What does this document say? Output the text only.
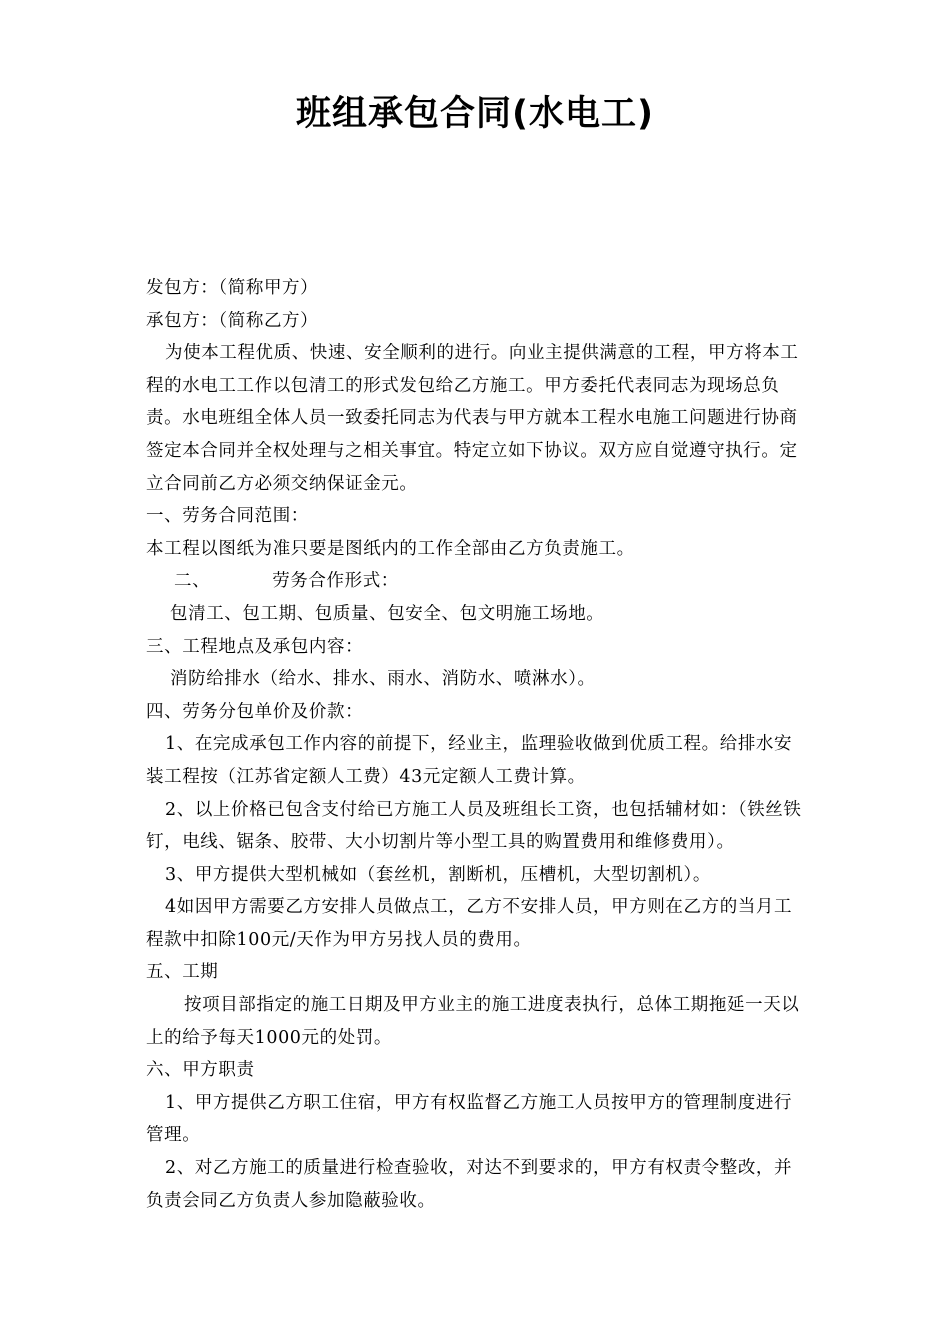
班组承包合同(水电工)

发包方：（简称甲方）

承包方：（简称乙方）

为使本工程优质、快速、安全顺利的进行。向业主提供满意的工程，甲方将本工程的水电工工作以包清工的形式发包给乙方施工。甲方委托代表同志为现场总负责。水电班组全体人员一致委托同志为代表与甲方就本工程水电施工问题进行协商签定本合同并全权处理与之相关事宜。特定立如下协议。双方应自觉遵守执行。定立合同前乙方必须交纳保证金元。

一、劳务合同范围：

本工程以图纸为准只要是图纸内的工作全部由乙方负责施工。

二、	劳务合作形式：

包清工、包工期、包质量、包安全、包文明施工场地。

三、工程地点及承包内容：

消防给排水（给水、排水、雨水、消防水、喷淋水）。

四、劳务分包单价及价款：

1、在完成承包工作内容的前提下，经业主，监理验收做到优质工程。给排水安装工程按（江苏省定额人工费）43元定额人工费计算。

2、以上价格已包含支付给已方施工人员及班组长工资，也包括辅材如：（铁丝铁钉，电线、锯条、胶带、大小切割片等小型工具的购置费用和维修费用）。

3、甲方提供大型机械如（套丝机，割断机，压槽机，大型切割机）。

4如因甲方需要乙方安排人员做点工，乙方不安排人员，甲方则在乙方的当月工程款中扣除100元/天作为甲方另找人员的费用。

五、工期

按项目部指定的施工日期及甲方业主的施工进度表执行，总体工期拖延一天以上的给予每天1000元的处罚。

六、甲方职责

1、甲方提供乙方职工住宿，甲方有权监督乙方施工人员按甲方的管理制度进行管理。

2、对乙方施工的质量进行检查验收，对达不到要求的，甲方有权责令整改，并负责会同乙方负责人参加隐蔽验收。
